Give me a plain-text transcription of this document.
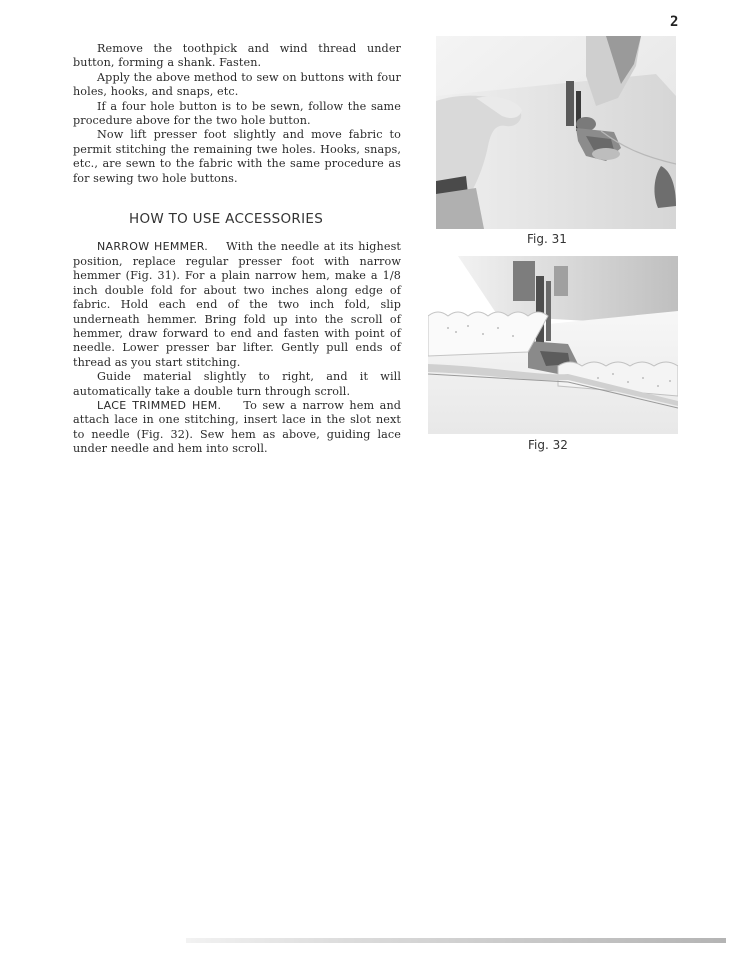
2

Remove the toothpick and wind thread under button, forming a shank. Fasten.

Apply the above method to sew on buttons with four holes, hooks, and snaps, etc.

If a four hole button is to be sewn, follow the same procedure above for the two hole button.

Now lift presser foot slightly and move fabric to permit stitching the remaining twe holes. Hooks, snaps, etc., are sewn to the fabric with the same procedure as for sewing two hole buttons.

HOW TO USE ACCESSORIES

NARROW HEMMER. With the needle at its highest position, replace regular presser foot with narrow hemmer (Fig. 31). For a plain narrow hem, make a 1/8 inch double fold for about two inches along edge of fabric. Hold each end of the two inch fold, slip underneath hemmer. Bring fold up into the scroll of hemmer, draw forward to end and fasten with point of needle. Lower presser bar lifter. Gently pull ends of thread as you start stitching.

Guide material slightly to right, and it will automatically take a double turn through scroll.

LACE TRIMMED HEM. To sew a narrow hem and attach lace in one stitching, insert lace in the slot next to needle (Fig. 32). Sew hem as above, guiding lace under needle and hem into scroll.

Fig. 31
Fig. 32
